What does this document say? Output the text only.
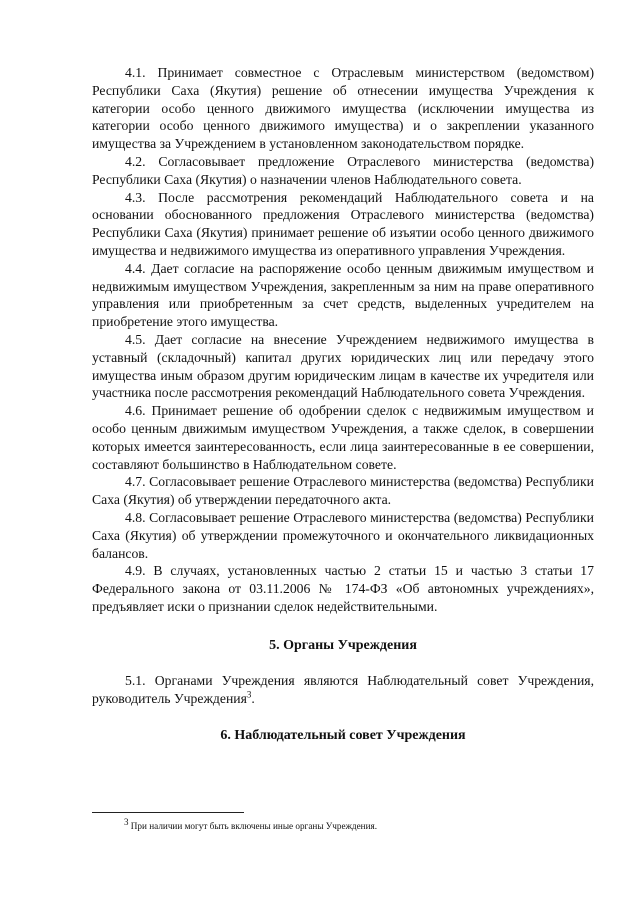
4.1. Принимает совместное с Отраслевым министерством (ведомством) Республики Саха (Якутия) решение об отнесении имущества Учреждения к категории особо ценного движимого имущества (исключении имущества из категории особо ценного движимого имущества) и о закреплении указанного имущества за Учреждением в установленном законодательством порядке.

4.2. Согласовывает предложение Отраслевого министерства (ведомства) Республики Саха (Якутия) о назначении членов Наблюдательного совета.

4.3. После рассмотрения рекомендаций Наблюдательного совета и на основании обоснованного предложения Отраслевого министерства (ведомства) Республики Саха (Якутия) принимает решение об изъятии особо ценного движимого имущества и недвижимого имущества из оперативного управления Учреждения.

4.4. Дает согласие на распоряжение особо ценным движимым имуществом и недвижимым имуществом Учреждения, закрепленным за ним на праве оперативного управления или приобретенным за счет средств, выделенных учредителем на приобретение этого имущества.

4.5. Дает согласие на внесение Учреждением недвижимого имущества в уставный (складочный) капитал других юридических лиц или передачу этого имущества иным образом другим юридическим лицам в качестве их учредителя или участника после рассмотрения рекомендаций Наблюдательного совета Учреждения.

4.6. Принимает решение об одобрении сделок с недвижимым имуществом и особо ценным движимым имуществом Учреждения, а также сделок, в совершении которых имеется заинтересованность, если лица заинтересованные в ее совершении, составляют большинство в Наблюдательном совете.

4.7. Согласовывает решение Отраслевого министерства (ведомства) Республики Саха (Якутия) об утверждении передаточного акта.

4.8. Согласовывает решение Отраслевого министерства (ведомства) Республики Саха (Якутия) об утверждении промежуточного и окончательного ликвидационных балансов.

4.9. В случаях, установленных частью 2 статьи 15 и частью 3 статьи 17 Федерального закона от 03.11.2006 № 174-ФЗ «Об автономных учреждениях», предъявляет иски о признании сделок недействительными.

5. Органы Учреждения

5.1. Органами Учреждения являются Наблюдательный совет Учреждения, руководитель Учреждения$^3$.

6. Наблюдательный совет Учреждения
$^3$ При наличии могут быть включены иные органы Учреждения.
